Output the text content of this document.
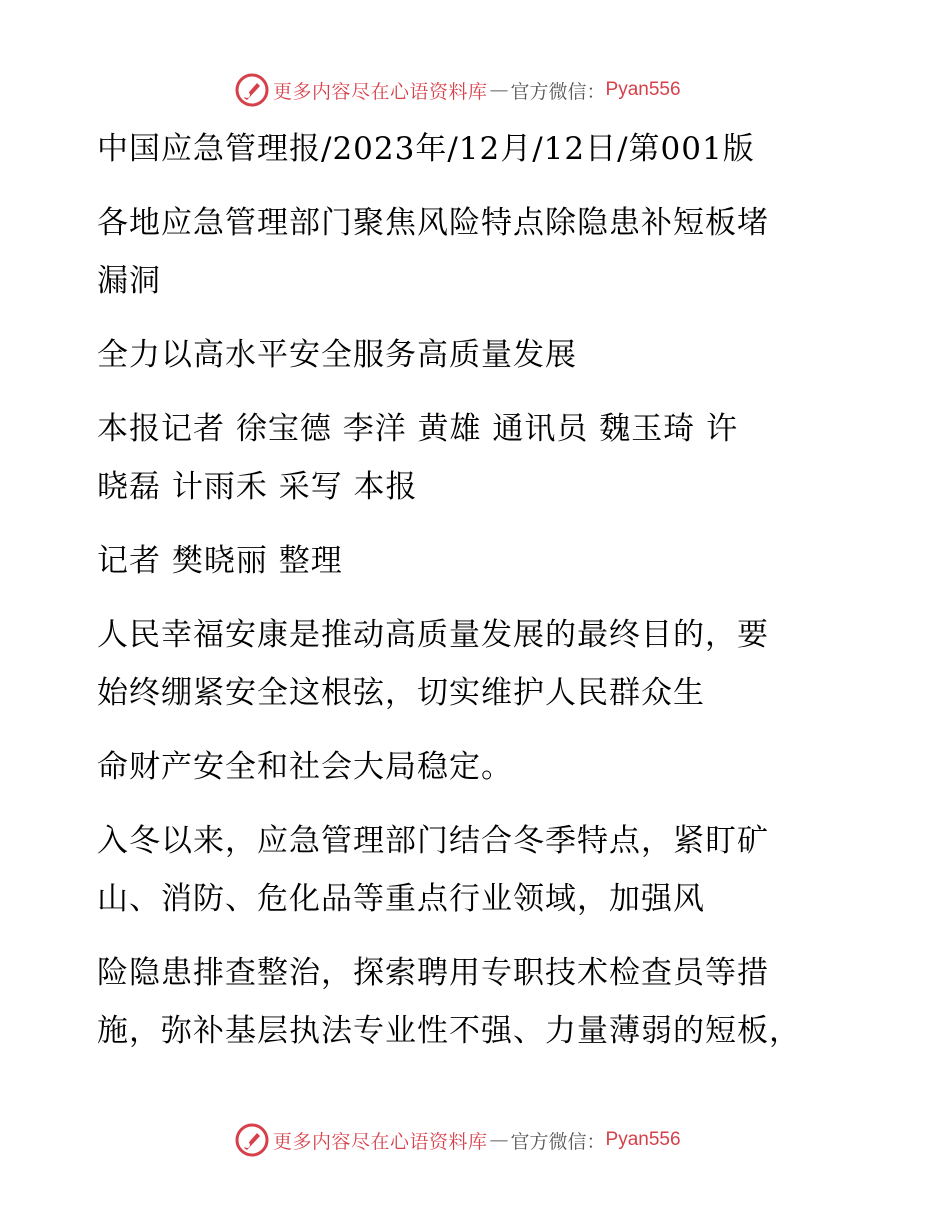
更多内容尽在心语资料库 — 官方微信： Pyan556
中国应急管理报/2023年/12月/12日/第001版
各地应急管理部门聚焦风险特点除隐患补短板堵
漏洞
全力以高水平安全服务高质量发展
本报记者 徐宝德 李洋 黄雄 通讯员 魏玉琦 许
晓磊 计雨禾 采写 本报
记者 樊晓丽 整理
人民幸福安康是推动高质量发展的最终目的，要
始终绷紧安全这根弦，切实维护人民群众生
命财产安全和社会大局稳定。
入冬以来，应急管理部门结合冬季特点，紧盯矿
山、消防、危化品等重点行业领域，加强风
险隐患排查整治，探索聘用专职技术检查员等措
施，弥补基层执法专业性不强、力量薄弱的短板，
更多内容尽在心语资料库 — 官方微信： Pyan556
